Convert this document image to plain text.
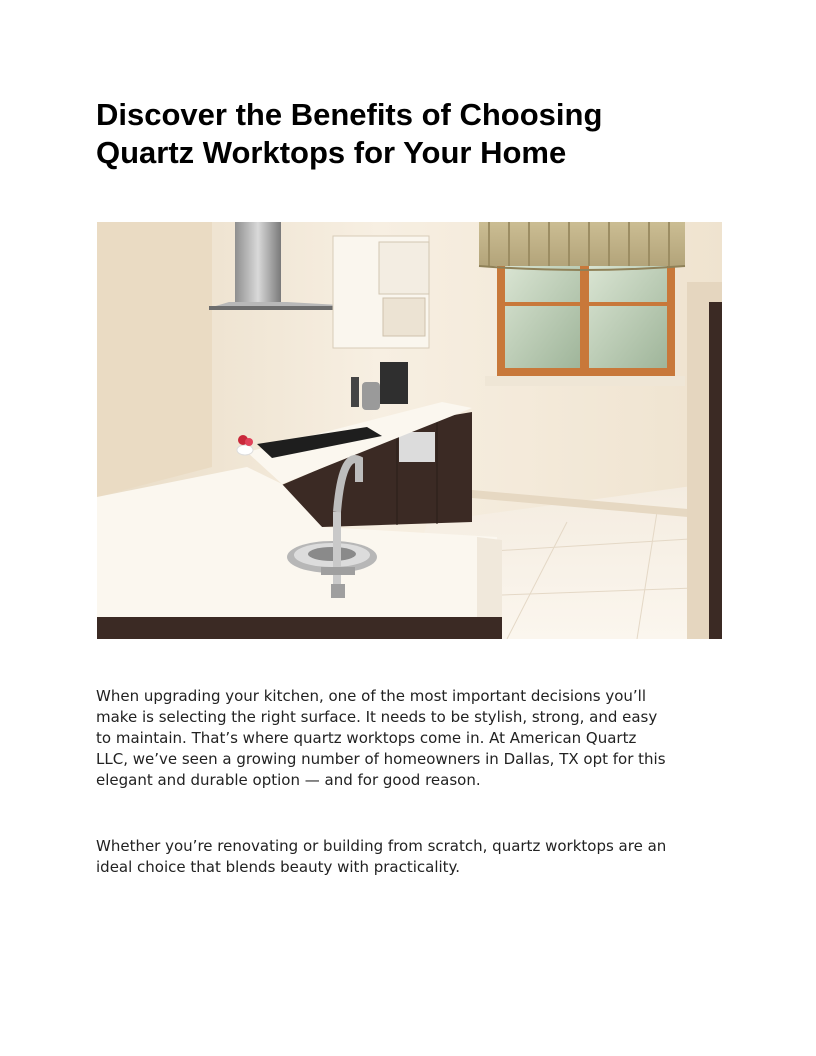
Discover the Benefits of Choosing
Quartz Worktops for Your Home

When upgrading your kitchen, one of the most important decisions you’ll
make is selecting the right surface. It needs to be stylish, strong, and easy
to maintain. That’s where quartz worktops come in. At American Quartz
LLC, we’ve seen a growing number of homeowners in Dallas, TX opt for this
elegant and durable option — and for good reason.

Whether you’re renovating or building from scratch, quartz worktops are an
ideal choice that blends beauty with practicality.
